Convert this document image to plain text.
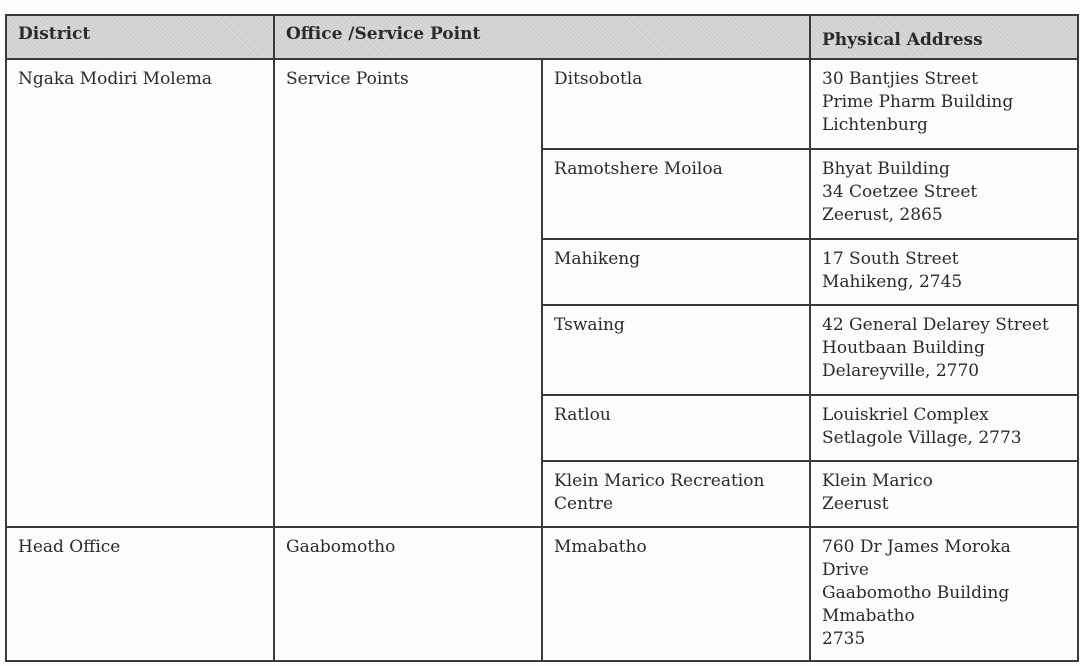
District	Office /Service Point		Physical Address
Ngaka Modiri Molema	Service Points	Ditsobotla	30 Bantjies Street
Prime Pharm Building
Lichtenburg
		Ramotshere Moiloa	Bhyat Building
34 Coetzee Street
Zeerust, 2865
		Mahikeng	17 South Street
Mahikeng, 2745
		Tswaing	42 General Delarey Street
Houtbaan Building
Delareyville, 2770
		Ratlou	Louiskriel Complex
Setlagole Village, 2773
		Klein Marico Recreation
Centre	Klein Marico
Zeerust
Head Office	Gaabomotho	Mmabatho	760 Dr James Moroka
Drive
Gaabomotho Building
Mmabatho
2735
